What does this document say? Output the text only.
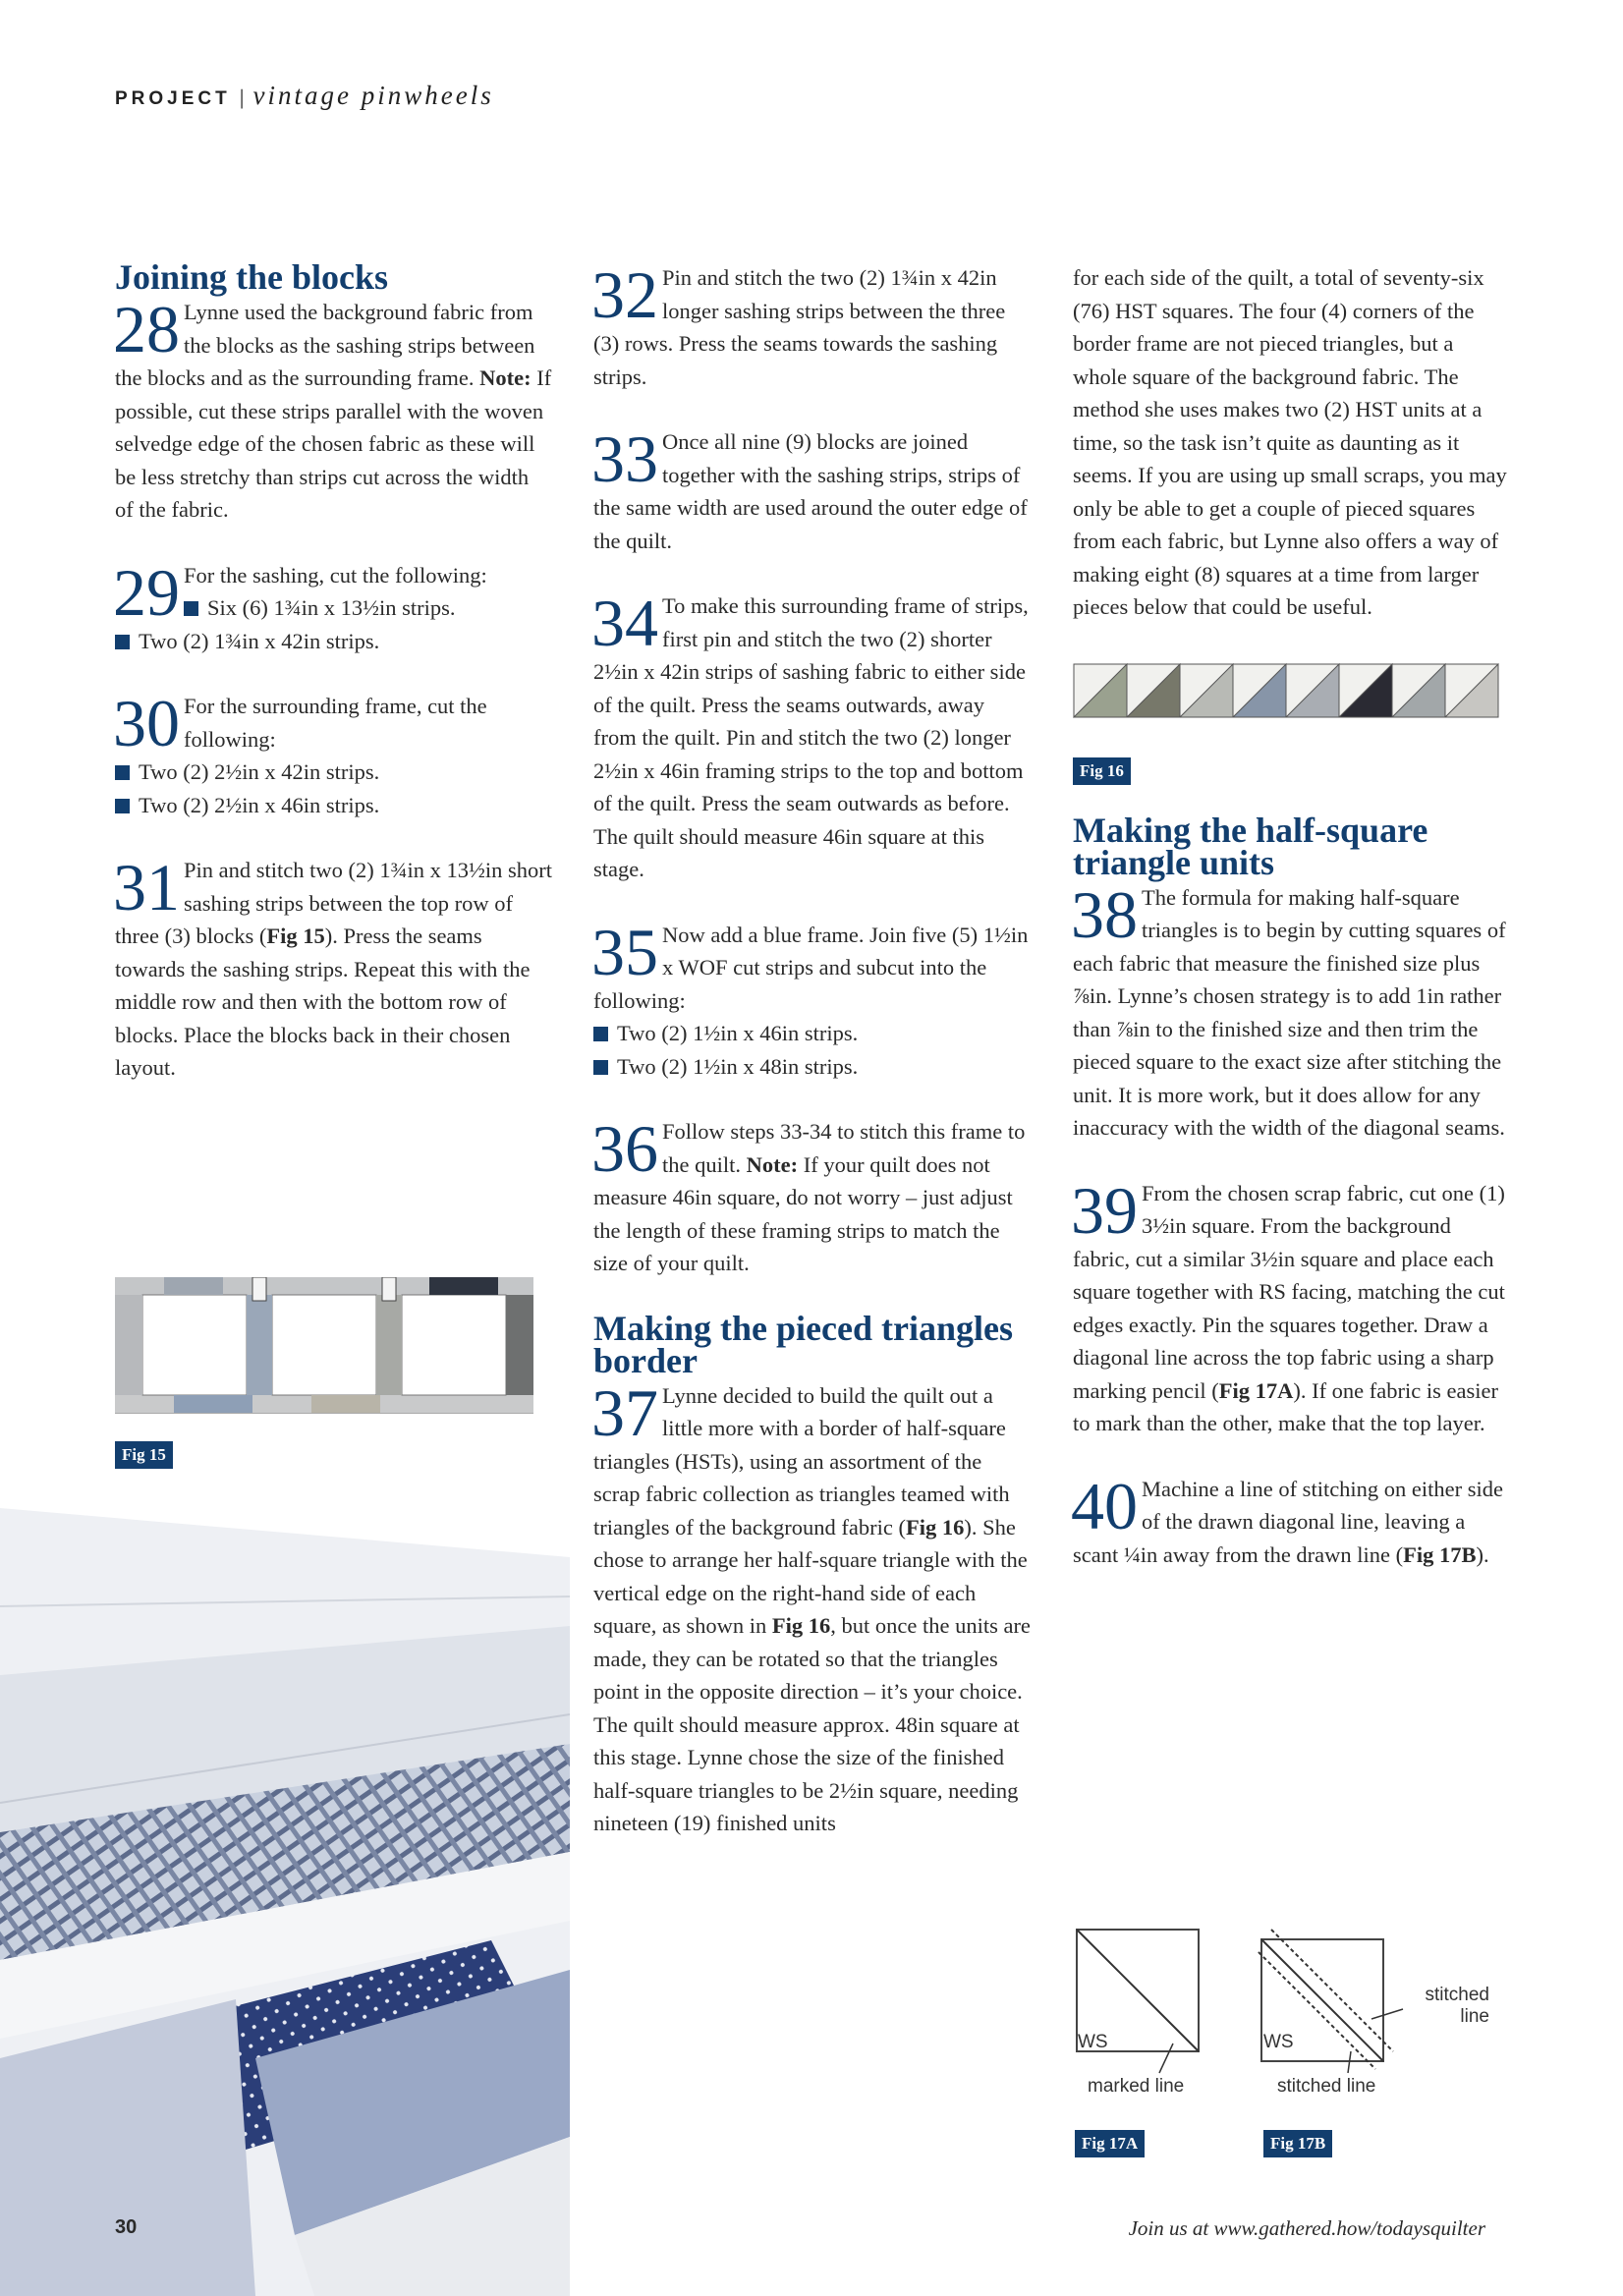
PROJECT | vintage pinwheels
Joining the blocks
28 Lynne used the background fabric from the blocks as the sashing strips between the blocks and as the surrounding frame. Note: If possible, cut these strips parallel with the woven selvedge edge of the chosen fabric as these will be less stretchy than strips cut across the width of the fabric.

29 For the sashing, cut the following:

Six (6) 1¾in x 13½in strips.
Two (2) 1¾in x 42in strips.
30 For the surrounding frame, cut the following:

Two (2) 2½in x 42in strips.
Two (2) 2½in x 46in strips.
31 Pin and stitch two (2) 1¾in x 13½in short sashing strips between the top row of three (3) blocks (Fig 15). Press the seams towards the sashing strips. Repeat this with the middle row and then with the bottom row of blocks. Place the blocks back in their chosen layout.

Fig 15
32 Pin and stitch the two (2) 1¾in x 42in longer sashing strips between the three (3) rows. Press the seams towards the sashing strips.

33 Once all nine (9) blocks are joined together with the sashing strips, strips of the same width are used around the outer edge of the quilt.

34 To make this surrounding frame of strips, first pin and stitch the two (2) shorter 2½in x 42in strips of sashing fabric to either side of the quilt. Press the seams outwards, away from the quilt. Pin and stitch the two (2) longer 2½in x 46in framing strips to the top and bottom of the quilt. Press the seam outwards as before. The quilt should measure 46in square at this stage.

35 Now add a blue frame. Join five (5) 1½in x WOF cut strips and subcut into the following:

Two (2) 1½in x 46in strips.
Two (2) 1½in x 48in strips.
36 Follow steps 33-34 to stitch this frame to the quilt. Note: If your quilt does not measure 46in square, do not worry – just adjust the length of these framing strips to match the size of your quilt.

Making the pieced triangles border
37 Lynne decided to build the quilt out a little more with a border of half-square triangles (HSTs), using an assortment of the scrap fabric collection as triangles teamed with triangles of the background fabric (Fig 16). She chose to arrange her half-square triangle with the vertical edge on the right-hand side of each square, as shown in Fig 16, but once the units are made, they can be rotated so that the triangles point in the opposite direction – it’s your choice. The quilt should measure approx. 48in square at this stage. Lynne chose the size of the finished half-square triangles to be 2½in square, needing nineteen (19) finished units

for each side of the quilt, a total of seventy-six (76) HST squares. The four (4) corners of the border frame are not pieced triangles, but a whole square of the background fabric. The method she uses makes two (2) HST units at a time, so the task isn’t quite as daunting as it seems. If you are using up small scraps, you may only be able to get a couple of pieced squares from each fabric, but Lynne also offers a way of making eight (8) squares at a time from larger pieces below that could be useful.

Fig 16
Making the half-square triangle units
38 The formula for making half-square triangles is to begin by cutting squares of each fabric that measure the finished size plus ⅞in. Lynne’s chosen strategy is to add 1in rather than ⅞in to the finished size and then trim the pieced square to the exact size after stitching the unit. It is more work, but it does allow for any inaccuracy with the width of the diagonal seams.

39 From the chosen scrap fabric, cut one (1) 3½in square. From the background fabric, cut a similar 3½in square and place each square together with RS facing, matching the cut edges exactly. Pin the squares together. Draw a diagonal line across the top fabric using a sharp marking pencil (Fig 17A). If one fabric is easier to mark than the other, make that the top layer.

40 Machine a line of stitching on either side of the drawn diagonal line, leaving a scant ¼in away from the drawn line (Fig 17B).

WS
marked line
Fig 17A
WS
stitched
line
stitched line
Fig 17B
30	Join us at www.gathered.how/todaysquilter
